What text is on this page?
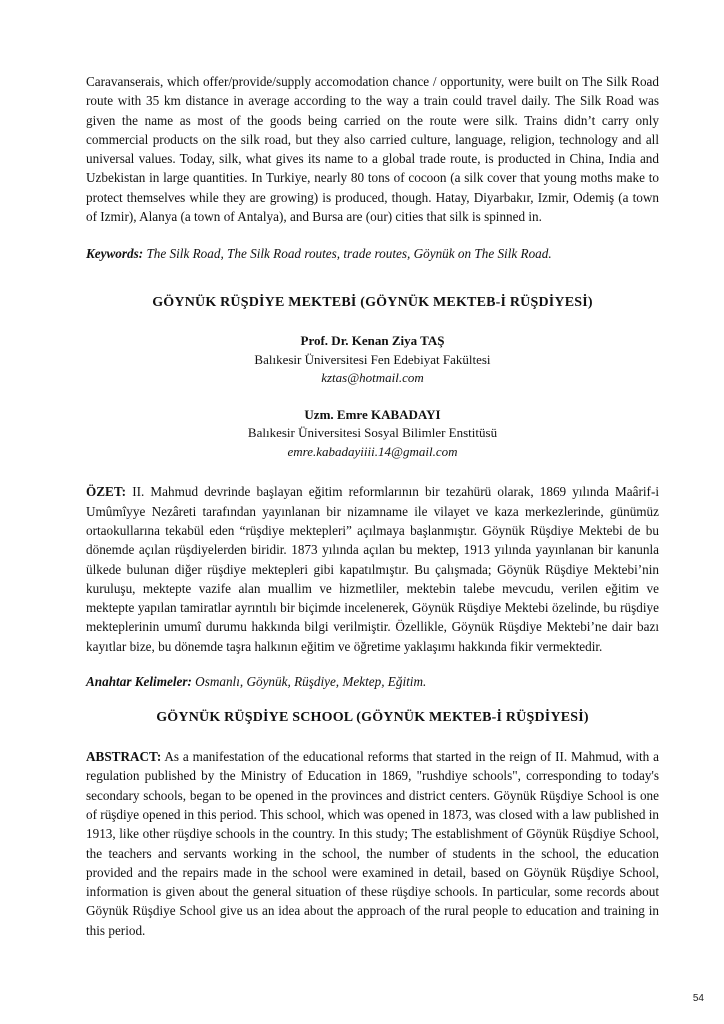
Caravanserais, which offer/provide/supply accomodation chance / opportunity, were built on The Silk Road route with 35 km distance in average according to the way a train could travel daily. The Silk Road was given the name as most of the goods being carried on the route were silk. Trains didn’t carry only commercial products on the silk road, but they also carried culture, language, religion, technology and all universal values. Today, silk, what gives its name to a global trade route, is producted in China, India and Uzbekistan in large quantities. In Turkiye, nearly 80 tons of cocoon (a silk cover that young moths make to protect themselves while they are growing) is produced, though. Hatay, Diyarbakır, Izmir, Odemiş (a town of Izmir), Alanya (a town of Antalya), and Bursa are (our) cities that silk is spinned in.

Keywords: The Silk Road, The Silk Road routes, trade routes, Göynük on The Silk Road.
GÖYNÜK RÜŞDİYE MEKTEBİ (GÖYNÜK MEKTEB-İ RÜŞDİYESİ)
Prof. Dr. Kenan Ziya TAŞ
Balıkesir Üniversitesi Fen Edebiyat Fakültesi
kztas@hotmail.com
Uzm. Emre KABADAYI
Balıkesir Üniversitesi Sosyal Bilimler Enstitüsü
emre.kabadayiiii.14@gmail.com

ÖZET: II. Mahmud devrinde başlayan eğitim reformlarının bir tezahürü olarak, 1869 yılında Maârif-i Umûmîyye Nezâreti tarafından yayınlanan bir nizamname ile vilayet ve kaza merkezlerinde, günümüz ortaokullarına tekabül eden “rüşdiye mektepleri” açılmaya başlanmıştır. Göynük Rüşdiye Mektebi de bu dönemde açılan rüşdiyelerden biridir. 1873 yılında açılan bu mektep, 1913 yılında yayınlanan bir kanunla ülkede bulunan diğer rüşdiye mektepleri gibi kapatılmıştır. Bu çalışmada; Göynük Rüşdiye Mektebi’nin kuruluşu, mektepte vazife alan muallim ve hizmetliler, mektebin talebe mevcudu, verilen eğitim ve mektepte yapılan tamiratlar ayrıntılı bir biçimde incelenerek, Göynük Rüşdiye Mektebi özelinde, bu rüşdiye mekteplerinin umumî durumu hakkında bilgi verilmiştir. Özellikle, Göynük Rüşdiye Mektebi’ne dair bazı kayıtlar bize, bu dönemde taşra halkının eğitim ve öğretime yaklaşımı hakkında fikir vermektedir.

Anahtar Kelimeler: Osmanlı, Göynük, Rüşdiye, Mektep, Eğitim.
GÖYNÜK RÜŞDİYE SCHOOL (GÖYNÜK MEKTEB-İ RÜŞDİYESİ)

ABSTRACT: As a manifestation of the educational reforms that started in the reign of II. Mahmud, with a regulation published by the Ministry of Education in 1869, "rushdiye schools", corresponding to today's secondary schools, began to be opened in the provinces and district centers. Göynük Rüşdiye School is one of rüşdiye opened in this period. This school, which was opened in 1873, was closed with a law published in 1913, like other rüşdiye schools in the country. In this study; The establishment of Göynük Rüşdiye School, the teachers and servants working in the school, the number of students in the school, the education provided and the repairs made in the school were examined in detail, based on Göynük Rüşdiye School, information is given about the general situation of these rüşdiye schools. In particular, some records about Göynük Rüşdiye School give us an idea about the approach of the rural people to education and training in this period.

54
